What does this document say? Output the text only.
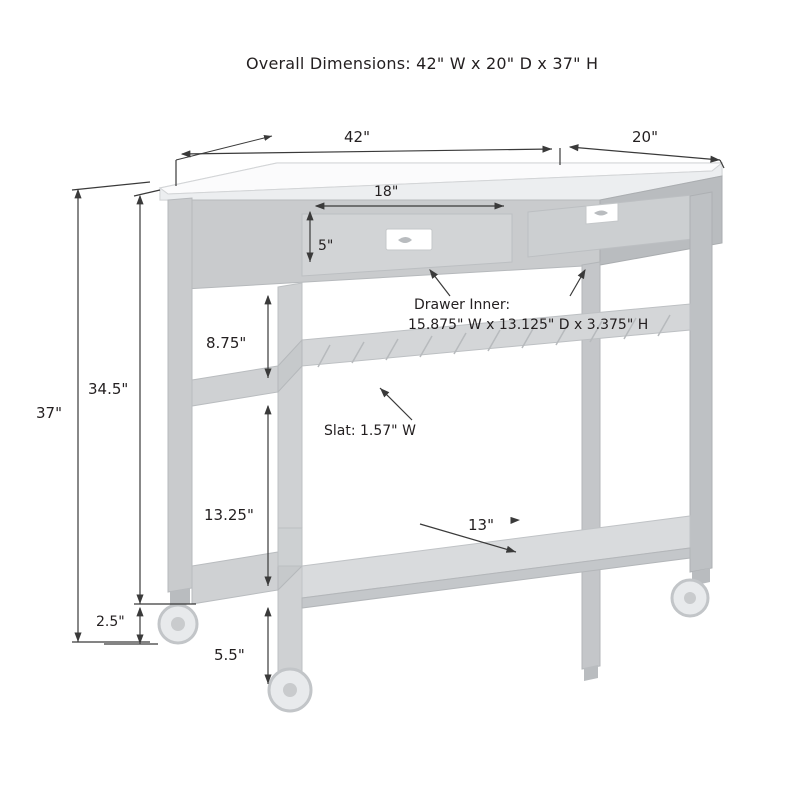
Overall Dimensions: 42" W x 20" D x 37" H
42"	20"
18"
5"
Drawer Inner:
15.875" W x 13.125" D x 3.375" H
8.75"
Slat: 1.57" W
13.25"
13"
34.5"
37"
2.5"
5.5"
